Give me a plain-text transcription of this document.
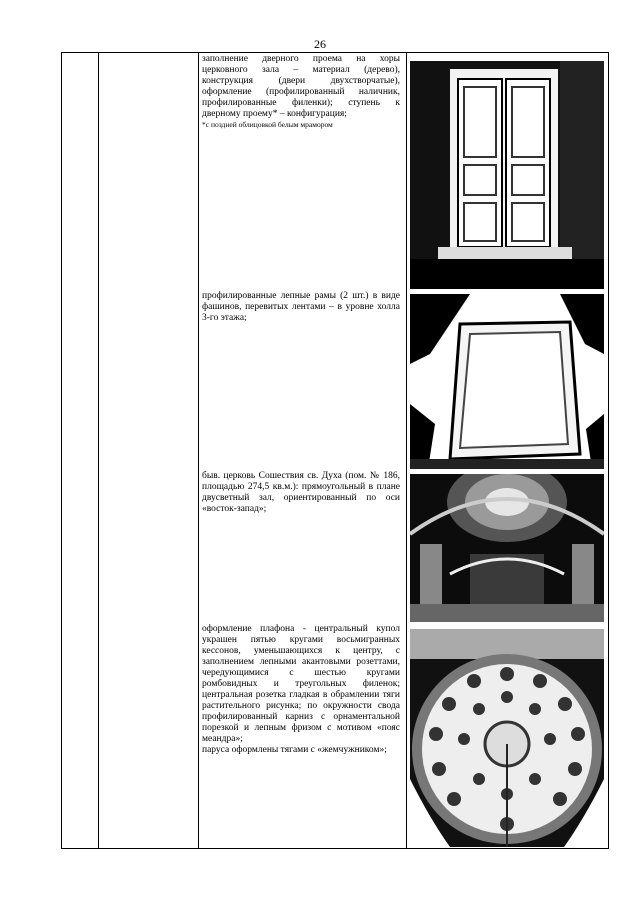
26

заполнение дверного проема на хоры церковного зала – материал (дерево), конструкция (двери двухстворчатые), оформление (профилированный наличник, профилированные филенки); ступень к дверному проему* – конфигурация;

*с поздней облицовкой белым мрамором

профилированные лепные рамы (2 шт.) в виде фашинов, перевитых лентами – в уровне холла 3-го этажа;

быв. церковь Сошествия св. Духа (пом. № 186, площадью 274,5 кв.м.): прямоугольный в плане двусветный зал, ориентированный по оси «восток-запад»;

оформление плафона - центральный купол украшен пятью кругами восьмигранных кессонов, уменьшающихся к центру, с заполнением лепными акантовыми розеттами, чередующимися с шестью кругами ромбовидных и треугольных филенок; центральная розетка гладкая в обрамлении тяги растительного рисунка; по окружности свода профилированный карниз с орнаментальной порезкой и лепным фризом с мотивом «пояс меандра»;

паруса оформлены тягами с «жемчужником»;
